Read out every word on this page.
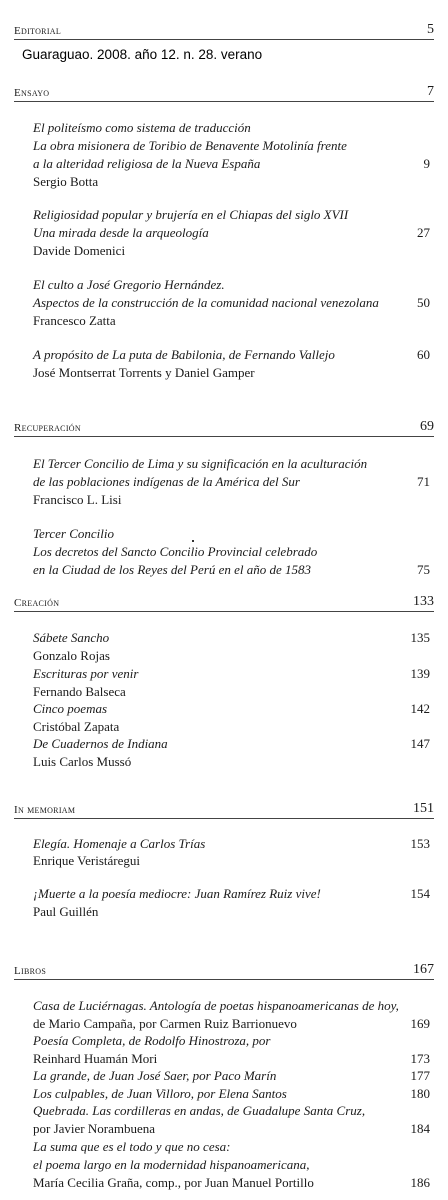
Editorial	5
Guaraguao. 2008. año 12. n. 28. verano
Ensayo	7
El politeísmo como sistema de traducción
La obra misionera de Toribio de Benavente Motolinía frente
a la alteridad religiosa de la Nueva España	9
Sergio Botta
Religiosidad popular y brujería en el Chiapas del siglo XVII
Una mirada desde la arqueología	27
Davide Domenici
El culto a José Gregorio Hernández.
Aspectos de la construcción de la comunidad nacional venezolana	50
Francesco Zatta
A propósito de La puta de Babilonia, de Fernando Vallejo	60
José Montserrat Torrents y Daniel Gamper
Recuperación	69
El Tercer Concilio de Lima y su significación en la aculturación
de las poblaciones indígenas de la América del Sur	71
Francisco L. Lisi
Tercer Concilio
Los decretos del Sancto Concilio Provincial celebrado
en la Ciudad de los Reyes del Perú en el año de 1583	75
Creación	133
Sábete Sancho	135
Gonzalo Rojas
Escrituras por venir	139
Fernando Balseca
Cinco poemas	142
Cristóbal Zapata
De Cuadernos de Indiana	147
Luis Carlos Mussó
In memoriam	151
Elegía. Homenaje a Carlos Trías	153
Enrique Veristáregui
¡Muerte a la poesía mediocre: Juan Ramírez Ruiz vive!	154
Paul Guillén
Libros	167
Casa de Luciérnagas. Antología de poetas hispanoamericanas de hoy,
de Mario Campaña, por Carmen Ruiz Barrionuevo	169
Poesía Completa, de Rodolfo Hinostroza, por
Reinhard Huamán Mori	173
La grande, de Juan José Saer, por Paco Marín	177
Los culpables, de Juan Villoro, por Elena Santos	180
Quebrada. Las cordilleras en andas, de Guadalupe Santa Cruz,
por Javier Norambuena	184
La suma que es el todo y que no cesa:
el poema largo en la modernidad hispanoamericana,
María Cecilia Graña, comp., por Juan Manuel Portillo	186
